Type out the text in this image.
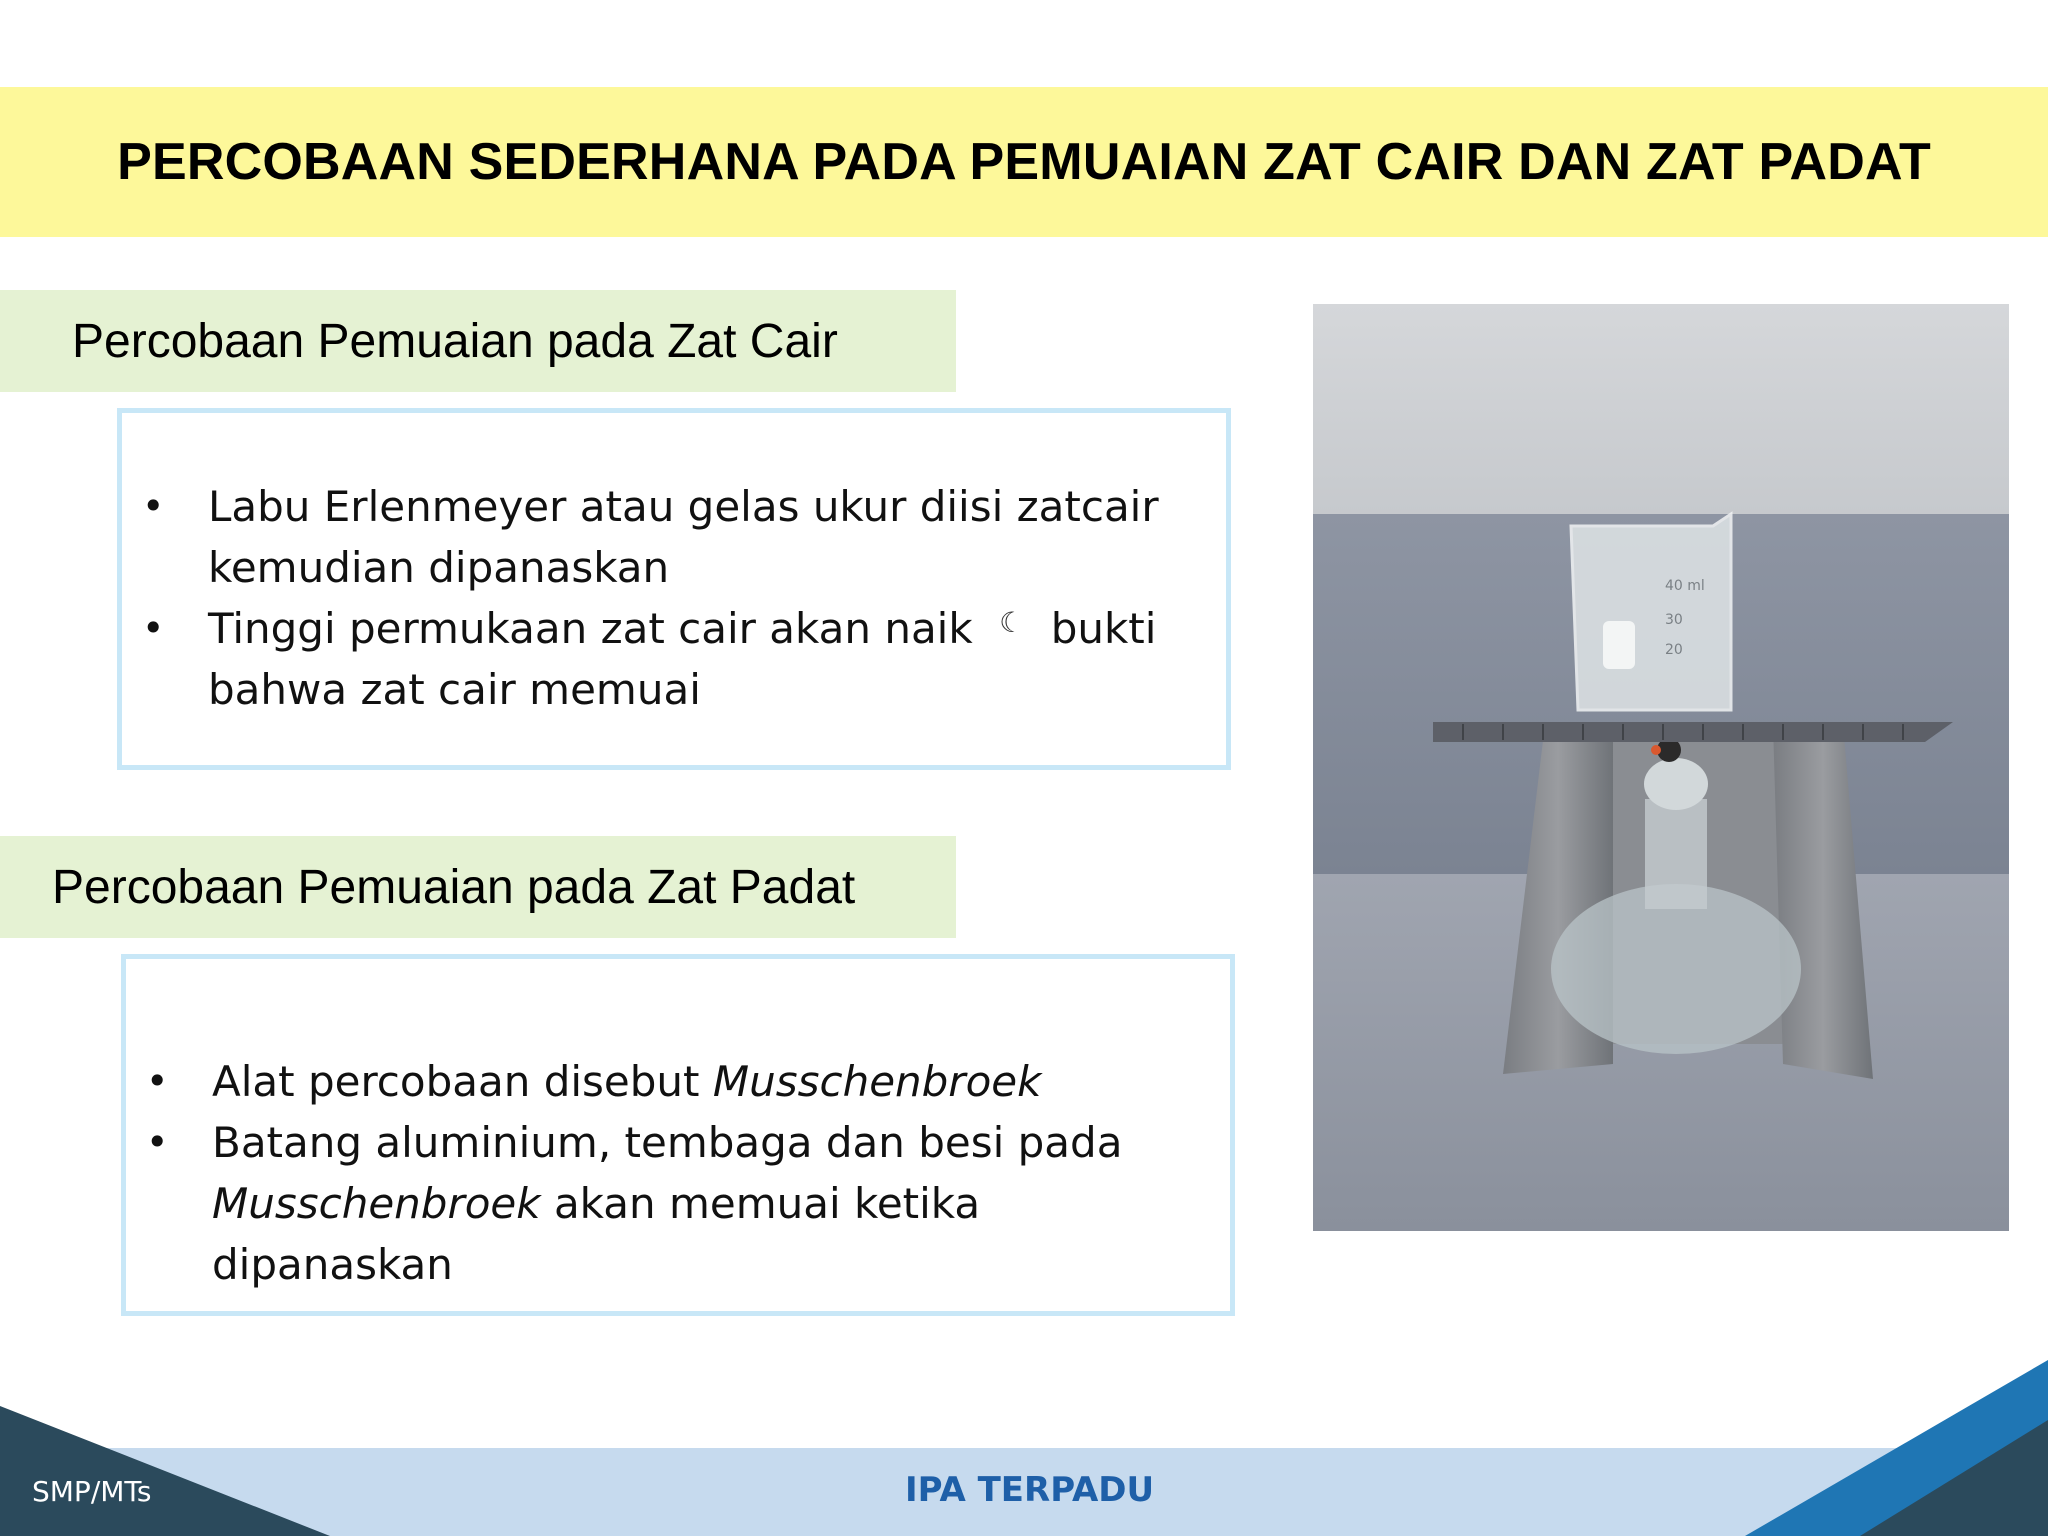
PERCOBAAN SEDERHANA PADA PEMUAIAN ZAT CAIR DAN ZAT PADAT
Percobaan Pemuaian pada Zat Cair
• Labu Erlenmeyer atau gelas ukur diisi zatcair
kemudian dipanaskan
• Tinggi permukaan zat cair akan naik ☾ bukti
bahwa zat cair memuai
Percobaan Pemuaian pada Zat Padat
• Alat percobaan disebut Musschenbroek
• Batang aluminium, tembaga dan besi pada
Musschenbroek akan memuai ketika dipanaskan
40 ml
30
20
SMP/MTs	IPA TERPADU
